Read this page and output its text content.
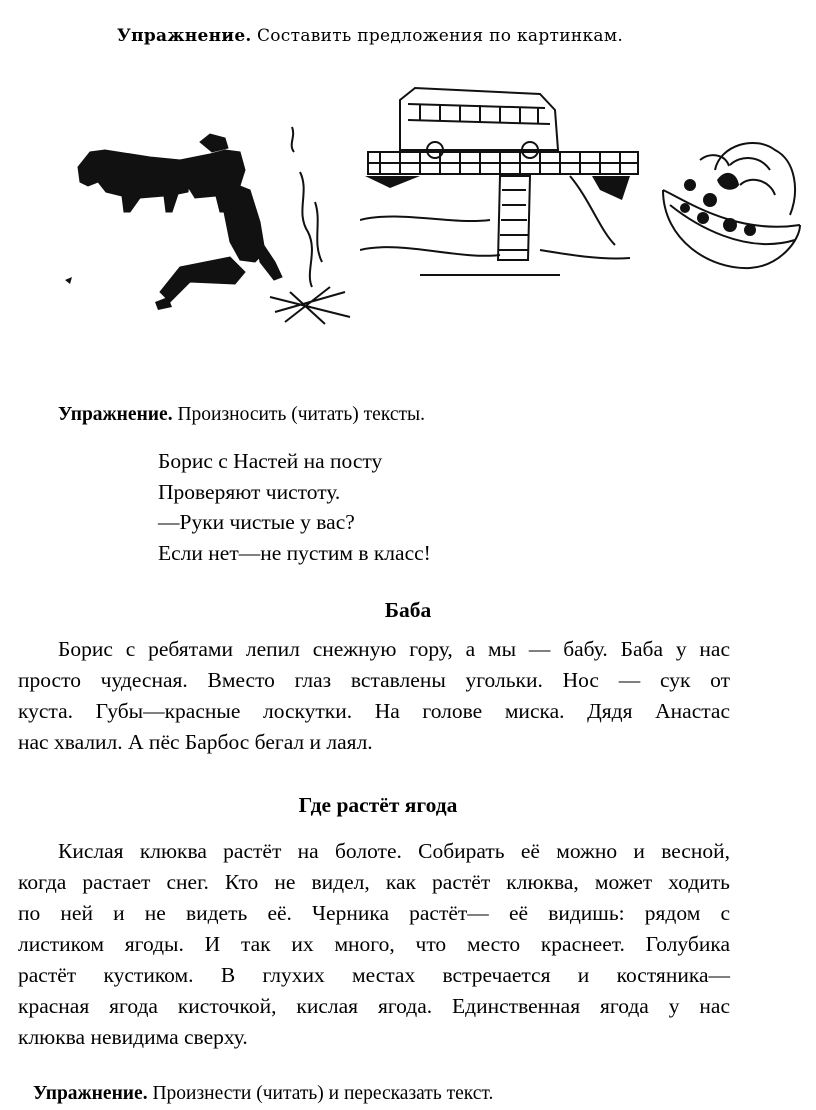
Упражнение. Составить предложения по картинкам.
Упражнение. Произносить (читать) тексты.
Борис с Настей на посту
Проверяют чистоту.
—Руки чистые у вас?
Если нет—не пустим в класс!
Баба
Борис с ребятами лепил снежную гору, а мы — бабу. Баба у нас
просто чудесная. Вместо глаз вставлены угольки. Нос — сук от
куста. Губы—красные лоскутки. На голове миска. Дядя Анастас
нас хвалил. А пёс Барбос бегал и лаял.
Где растёт ягода
Кислая клюква растёт на болоте. Собирать её можно и весной,
когда растает снег. Кто не видел, как растёт клюква, может ходить
по ней и не видеть её. Черника растёт— её видишь: рядом с
листиком ягоды. И так их много, что место краснеет. Голубика
растёт кустиком. В глухих местах встречается и костяника—
красная ягода кисточкой, кислая ягода. Единственная ягода у нас
клюква невидима сверху.
Упражнение. Произнести (читать) и пересказать текст.
